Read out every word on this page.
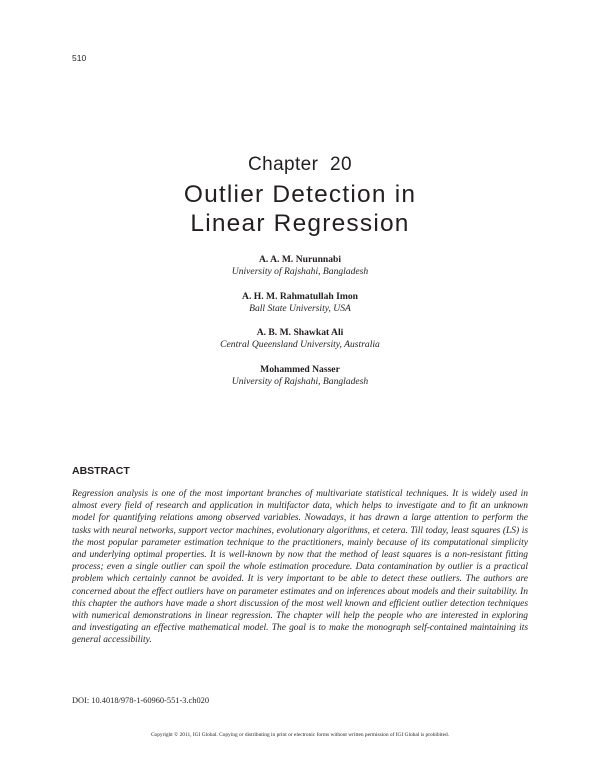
510
Chapter 20
Outlier Detection in
Linear Regression
A. A. M. Nurunnabi
University of Rajshahi, Bangladesh
A. H. M. Rahmatullah Imon
Ball State University, USA
A. B. M. Shawkat Ali
Central Queensland University, Australia
Mohammed Nasser
University of Rajshahi, Bangladesh
ABSTRACT

Regression analysis is one of the most important branches of multivariate statistical techniques. It is widely used in almost every field of research and application in multifactor data, which helps to investigate and to fit an unknown model for quantifying relations among observed variables. Nowadays, it has drawn a large attention to perform the tasks with neural networks, support vector machines, evolutionary algorithms, et cetera. Till today, least squares (LS) is the most popular parameter estimation technique to the practitioners, mainly because of its computational simplicity and underlying optimal properties. It is well-known by now that the method of least squares is a non-resistant fitting process; even a single outlier can spoil the whole estimation procedure. Data contamination by outlier is a practical problem which certainly cannot be avoided. It is very important to be able to detect these outliers. The authors are concerned about the effect outliers have on parameter estimates and on inferences about models and their suitability. In this chapter the authors have made a short discussion of the most well known and efficient outlier detection techniques with numerical demonstrations in linear regression. The chapter will help the people who are interested in exploring and investigating an effective mathematical model. The goal is to make the monograph self-contained maintaining its general accessibility.

DOI: 10.4018/978-1-60960-551-3.ch020
Copyright © 2011, IGI Global. Copying or distributing in print or electronic forms without written permission of IGI Global is prohibited.
